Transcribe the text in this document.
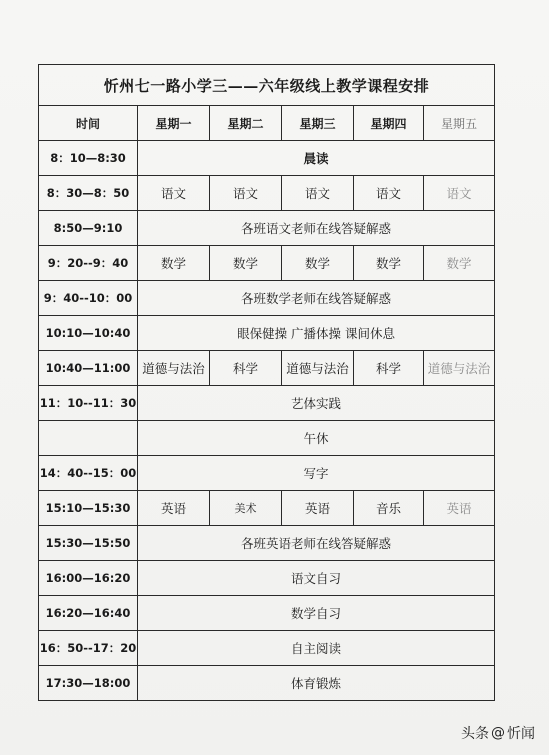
忻州七一路小学三——六年级线上教学课程安排					
时间	星期一	星期二	星期三	星期四	星期五
8：10—8:30	晨读				
8：30—8：50	语文	语文	语文	语文	语文
8:50—9:10	各班语文老师在线答疑解惑				
9：20--9：40	数学	数学	数学	数学	数学
9：40--10：00	各班数学老师在线答疑解惑				
10:10—10:40	眼保健操 广播体操 课间休息				
10:40—11:00	道德与法治	科学	道德与法治	科学	道德与法治
11：10--11：30	艺体实践				
	午休				
14：40--15：00	写字				
15:10—15:30	英语	美术	英语	音乐	英语
15:30—15:50	各班英语老师在线答疑解惑				
16:00—16:20	语文自习				
16:20—16:40	数学自习				
16：50--17：20	自主阅读				
17:30—18:00	体育锻炼				
头条 @ 忻闻
